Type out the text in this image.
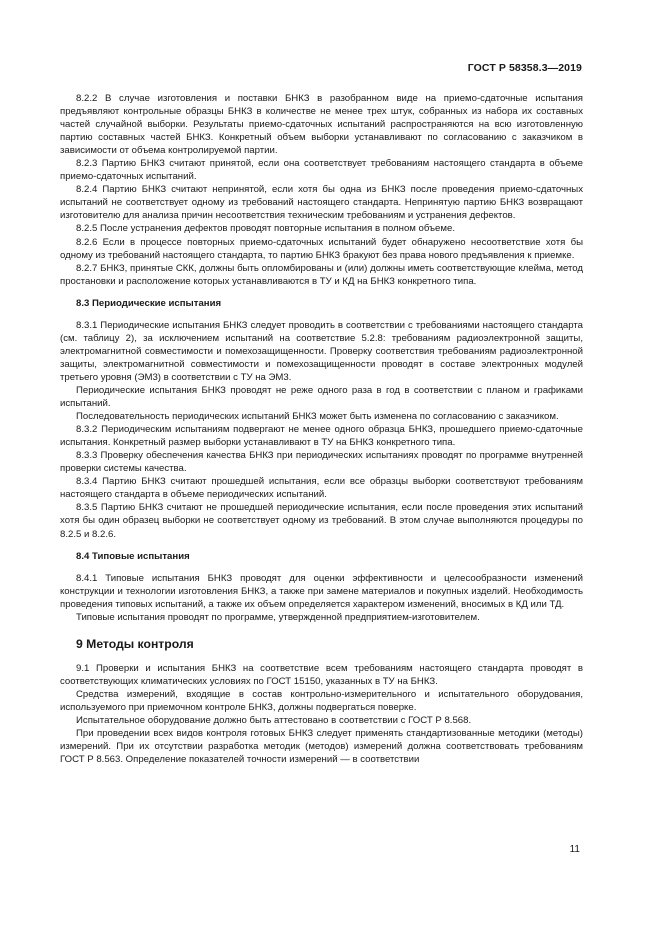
ГОСТ Р 58358.3—2019

8.2.2 В случае изготовления и поставки БНКЗ в разобранном виде на приемо-сдаточные испытания предъявляют контрольные образцы БНКЗ в количестве не менее трех штук, собранных из набора их составных частей случайной выборки. Результаты приемо-сдаточных испытаний распространяются на всю изготовленную партию составных частей БНКЗ. Конкретный объем выборки устанавливают по согласованию с заказчиком в зависимости от объема контролируемой партии.

8.2.3 Партию БНКЗ считают принятой, если она соответствует требованиям настоящего стандарта в объеме приемо-сдаточных испытаний.

8.2.4 Партию БНКЗ считают непринятой, если хотя бы одна из БНКЗ после проведения приемо-сдаточных испытаний не соответствует одному из требований настоящего стандарта. Непринятую партию БНКЗ возвращают изготовителю для анализа причин несоответствия техническим требованиям и устранения дефектов.

8.2.5 После устранения дефектов проводят повторные испытания в полном объеме.

8.2.6 Если в процессе повторных приемо-сдаточных испытаний будет обнаружено несоответствие хотя бы одному из требований настоящего стандарта, то партию БНКЗ бракуют без права нового предъявления к приемке.

8.2.7 БНКЗ, принятые СКК, должны быть опломбированы и (или) должны иметь соответствующие клейма, метод простановки и расположение которых устанавливаются в ТУ и КД на БНКЗ конкретного типа.

8.3 Периодические испытания

8.3.1 Периодические испытания БНКЗ следует проводить в соответствии с требованиями настоящего стандарта (см. таблицу 2), за исключением испытаний на соответствие 5.2.8: требованиям радиоэлектронной защиты, электромагнитной совместимости и помехозащищенности. Проверку соответствия требованиям радиоэлектронной защиты, электромагнитной совместимости и помехозащищенности проводят в составе электронных модулей третьего уровня (ЭМ3) в соответствии с ТУ на ЭМ3.

Периодические испытания БНКЗ проводят не реже одного раза в год в соответствии с планом и графиками испытаний.

Последовательность периодических испытаний БНКЗ может быть изменена по согласованию с заказчиком.

8.3.2 Периодическим испытаниям подвергают не менее одного образца БНКЗ, прошедшего приемо-сдаточные испытания. Конкретный размер выборки устанавливают в ТУ на БНКЗ конкретного типа.

8.3.3 Проверку обеспечения качества БНКЗ при периодических испытаниях проводят по программе внутренней проверки системы качества.

8.3.4 Партию БНКЗ считают прошедшей испытания, если все образцы выборки соответствуют требованиям настоящего стандарта в объеме периодических испытаний.

8.3.5 Партию БНКЗ считают не прошедшей периодические испытания, если после проведения этих испытаний хотя бы один образец выборки не соответствует одному из требований. В этом случае выполняются процедуры по 8.2.5 и 8.2.6.

8.4 Типовые испытания

8.4.1 Типовые испытания БНКЗ проводят для оценки эффективности и целесообразности изменений конструкции и технологии изготовления БНКЗ, а также при замене материалов и покупных изделий. Необходимость проведения типовых испытаний, а также их объем определяется характером изменений, вносимых в КД или ТД.

Типовые испытания проводят по программе, утвержденной предприятием-изготовителем.

9 Методы контроля

9.1 Проверки и испытания БНКЗ на соответствие всем требованиям настоящего стандарта проводят в соответствующих климатических условиях по ГОСТ 15150, указанных в ТУ на БНКЗ.

Средства измерений, входящие в состав контрольно-измерительного и испытательного оборудования, используемого при приемочном контроле БНКЗ, должны подвергаться поверке.

Испытательное оборудование должно быть аттестовано в соответствии с ГОСТ Р 8.568.

При проведении всех видов контроля готовых БНКЗ следует применять стандартизованные методики (методы) измерений. При их отсутствии разработка методик (методов) измерений должна соответствовать требованиям ГОСТ Р 8.563. Определение показателей точности измерений — в соответствии

11
